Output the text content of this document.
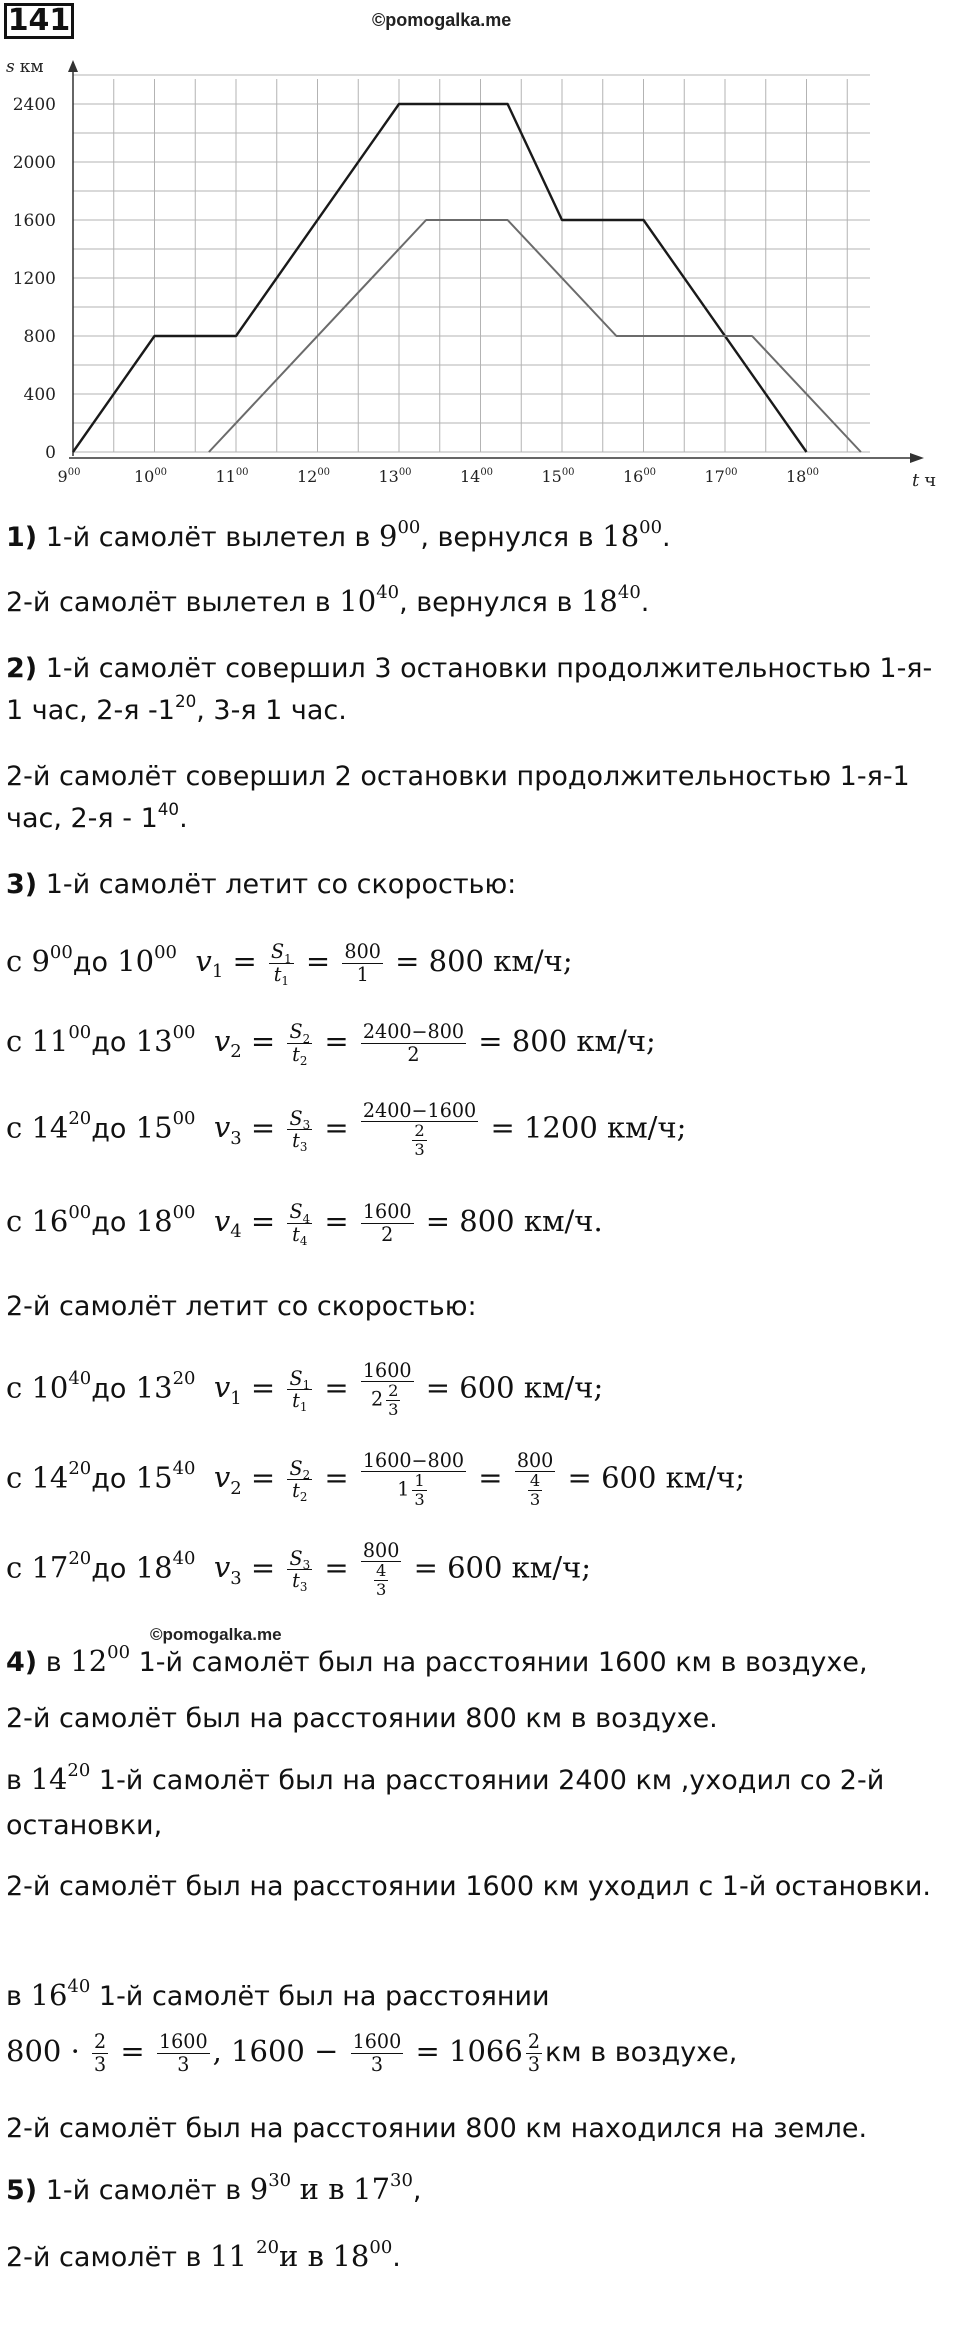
141	©pomogalka.me
2400
2000
1600
1200
800
400
0
$9^{00}$	$10^{00}$	$11^{00}$	$12^{00}$	$13^{00}$	$14^{00}$	$15^{00}$	$16^{00}$	$17^{00}$	$18^{00}$
s км
t ч
1) 1-й самолёт вылетел в $9^{00}$, вернулся в $18^{00}$.
2-й самолёт вылетел в $10^{40}$, вернулся в $18^{40}$.
2) 1-й самолёт совершил 3 остановки продолжительностью 1-я- 1 час, 2-я $-1^{20}$, 3-я 1 час.
2-й самолёт совершил 2 остановки продолжительностью 1-я-1 час, $2-я - 1^{40}$.
3) 1-й самолёт летит со скоростью:
с $9^{00}до$ $10^{00}$ $v_1 = \frac{S_1}{t_1} = \frac{800}{1} = 800$ км/ч;
с $11^{00}до$ $13^{00}$ $v_2 = \frac{S_2}{t_2} = \frac{2400-800}{2} = 800$ км/ч;
с $14^{20}до$ $15^{00}$ $v_3 = \frac{S_3}{t_3} = \frac{2400-1600}{\frac{2}{3}} = 1200$ км/ч;
с $16^{00}до$ $18^{00}$ $v_4 = \frac{S_4}{t_4} = \frac{1600}{2} = 800$ км/ч.
2-й самолёт летит со скоростью:
с $10^{40}до$ $13^{20}$ $v_1 = \frac{S_1}{t_1} = \frac{1600}{2 \frac{2}{3}} = 600$ км/ч;
с $14^{20}до$ $15^{40}$ $v_2 = \frac{S_2}{t_2} = \frac{1600-800}{1 \frac{1}{3}} = \frac{800}{\frac{4}{3}} = 600$ км/ч;
с $17^{20}до$ $18^{40}$ $v_3 = \frac{S_3}{t_3} = \frac{800}{\frac{4}{3}} = 600$ км/ч;
4) в $12^{00}$ 1-й самолёт был на расстоянии 1600 км в воздухе,
2-й самолёт был на расстоянии 800 км в воздухе.
в $14^{20}$ 1-й самолёт был на расстоянии 2400 км ,уходил со 2-й остановки,
2-й самолёт был на расстоянии 1600 км уходил с 1-й остановки.
в $16^{40}$ 1-й самолёт был на расстоянии
$800 \cdot \frac{2}{3} = \frac{1600}{3}$ , $1600 - \frac{1600}{3} = 1066 \frac{2}{3}$ км в воздухе,
2-й самолёт был на расстоянии 800 км находился на земле.
5) 1-й самолёт в $9^{30}$ и в $17^{30}$,
2-й самолёт в 11 $^{20}$и в $18^{00}$.
©pomogalka.me
